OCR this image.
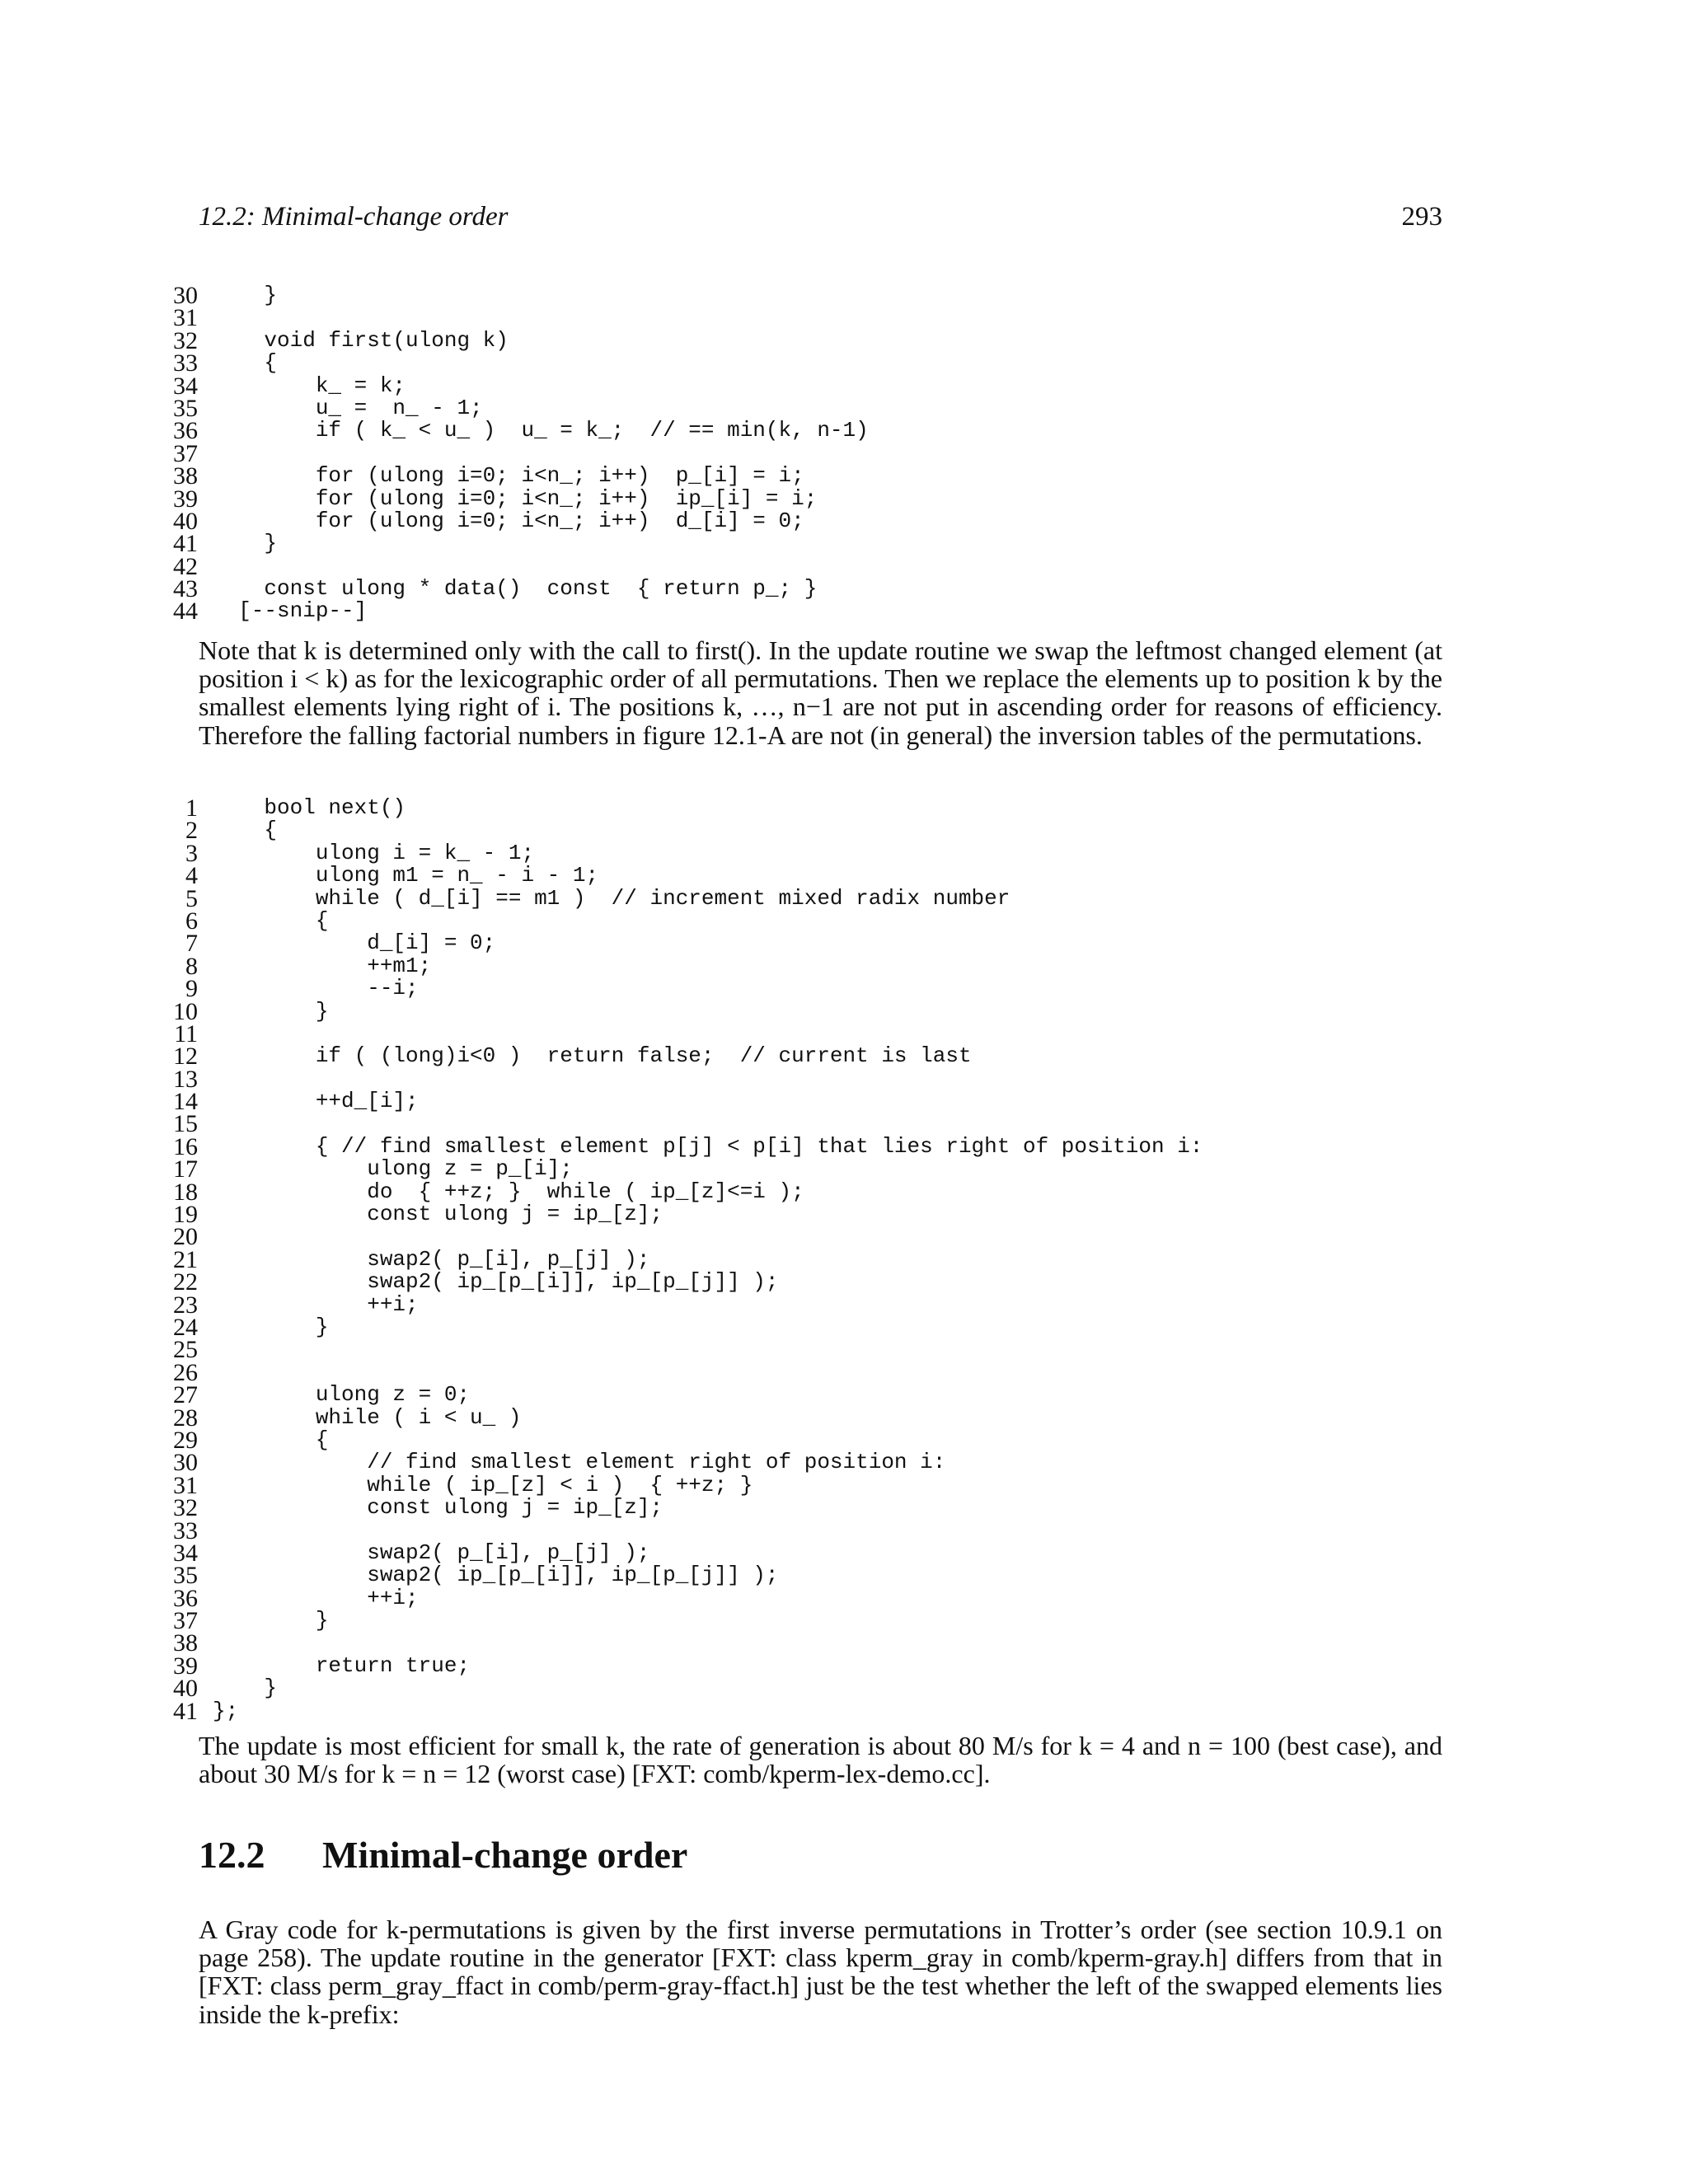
12.2: Minimal-change order	293
30 }
31
32 void first(ulong k)
33 {
34 k_ = k;
35 u_ =  n_ - 1;
36 if ( k_ < u_ )  u_ = k_;  // == min(k, n-1)
37
38 for (ulong i=0; i<n_; i++)  p_[i] = i;
39 for (ulong i=0; i<n_; i++)  ip_[i] = i;
40 for (ulong i=0; i<n_; i++)  d_[i] = 0;
41 }
42
43 const ulong * data()  const  { return p_; }
44 [--snip--]

Note that k is determined only with the call to first(). In the update routine we swap the leftmost changed element (at position i < k) as for the lexicographic order of all permutations. Then we replace the elements up to position k by the smallest elements lying right of i. The positions k, …, n−1 are not put in ascending order for reasons of efficiency. Therefore the falling factorial numbers in figure 12.1-A are not (in general) the inversion tables of the permutations.

1 bool next()
2 {
3 ulong i = k_ - 1;
4 ulong m1 = n_ - i - 1;
5 while ( d_[i] == m1 )  // increment mixed radix number
6 {
7 d_[i] = 0;
8 ++m1;
9 --i;
10 }
11
12 if ( (long)i<0 )  return false;  // current is last
13
14 ++d_[i];
15
16 { // find smallest element p[j] < p[i] that lies right of position i:
17 ulong z = p_[i];
18 do  { ++z; }  while ( ip_[z]<=i );
19 const ulong j = ip_[z];
20
21 swap2( p_[i], p_[j] );
22 swap2( ip_[p_[i]], ip_[p_[j]] );
23 ++i;
24 }
25
26
27 ulong z = 0;
28 while ( i < u_ )
29 {
30 // find smallest element right of position i:
31 while ( ip_[z] < i )  { ++z; }
32 const ulong j = ip_[z];
33
34 swap2( p_[i], p_[j] );
35 swap2( ip_[p_[i]], ip_[p_[j]] );
36 ++i;
37 }
38
39 return true;
40 }
41 };

The update is most efficient for small k, the rate of generation is about 80 M/s for k = 4 and n = 100 (best case), and about 30 M/s for k = n = 12 (worst case) [FXT: comb/kperm-lex-demo.cc].

12.2 Minimal-change order

A Gray code for k-permutations is given by the first inverse permutations in Trotter’s order (see section 10.9.1 on page 258). The update routine in the generator [FXT: class kperm_gray in comb/kperm-gray.h] differs from that in [FXT: class perm_gray_ffact in comb/perm-gray-ffact.h] just be the test whether the left of the swapped elements lies inside the k-prefix:
